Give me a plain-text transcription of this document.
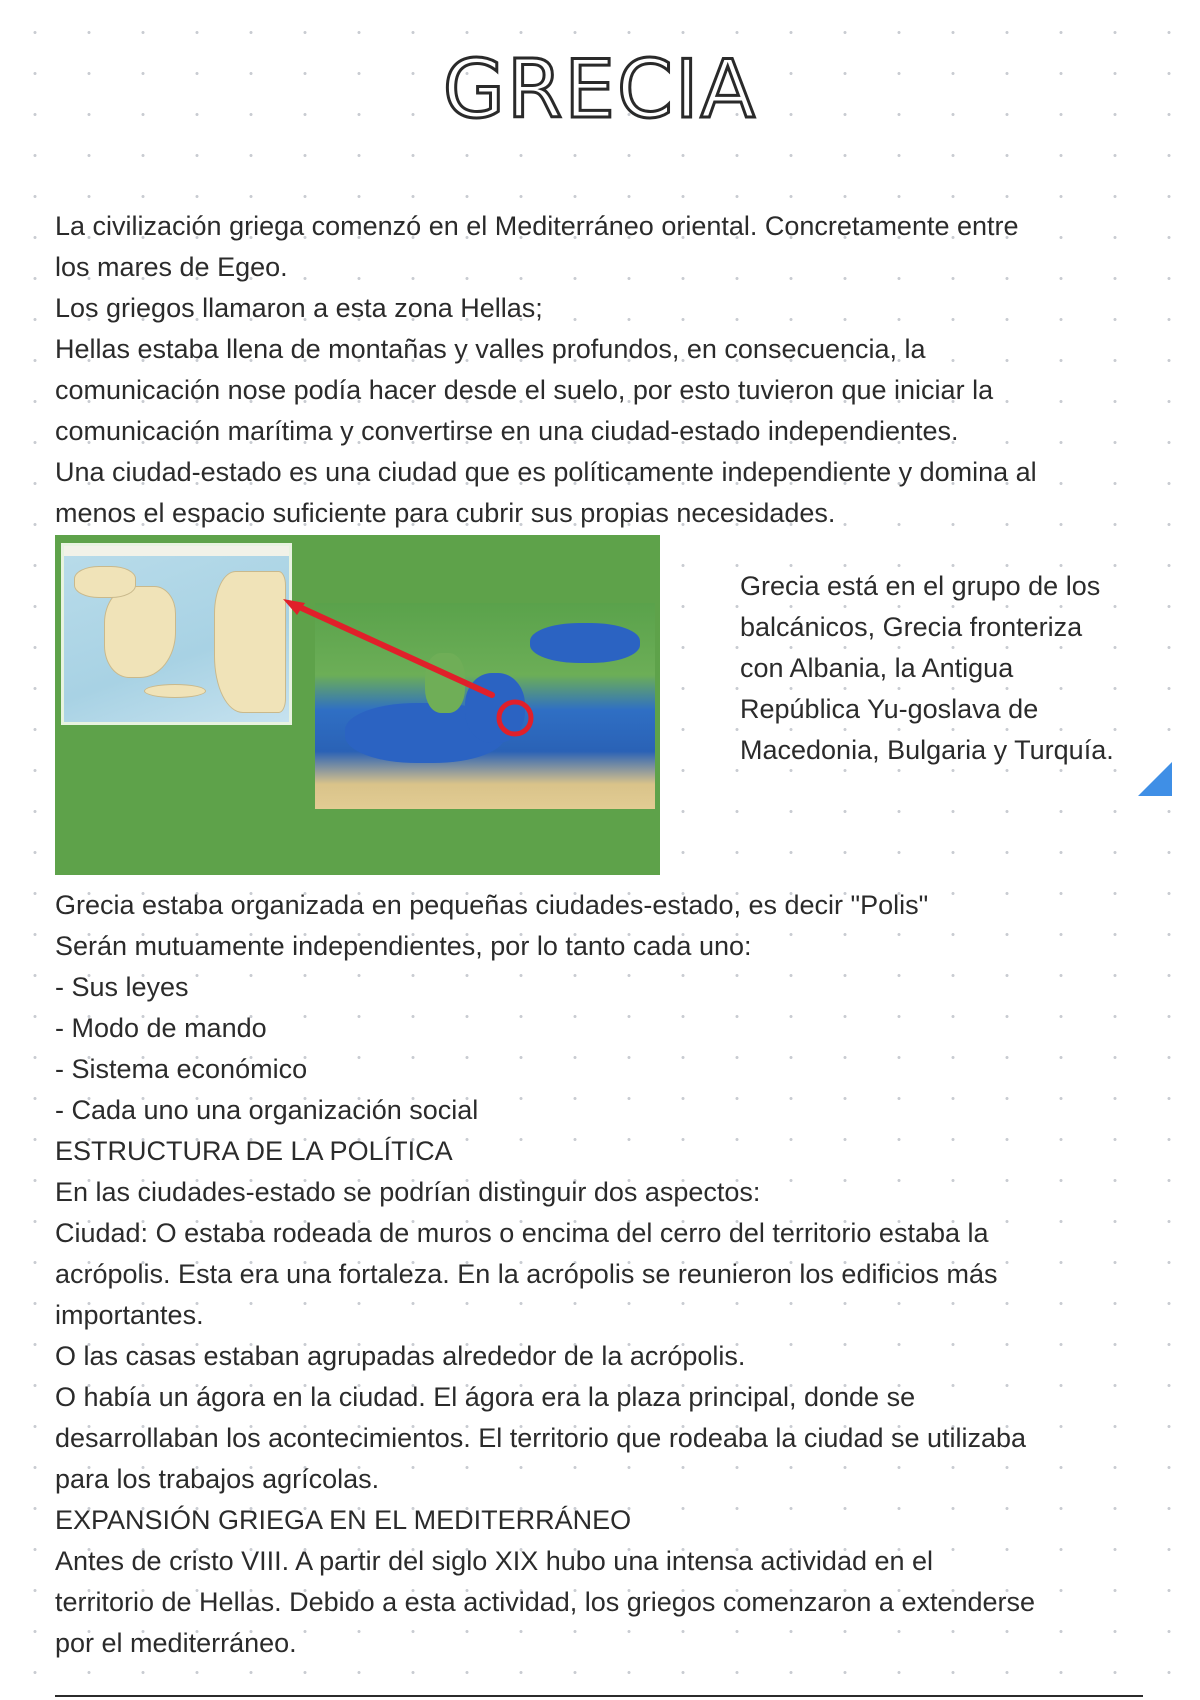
GRECIA

La civilización griega comenzó en el Mediterráneo oriental. Concretamente entre

los mares de Egeo.

Los griegos llamaron a esta zona Hellas;

Hellas estaba llena de montañas y valles profundos, en consecuencia, la

comunicación nose podía hacer desde el suelo, por esto tuvieron que iniciar la

comunicación marítima y convertirse en una ciudad-estado independientes.

Una ciudad-estado es una ciudad que es políticamente independiente y domina al

menos el espacio suficiente para cubrir sus propias necesidades.

Grecia está en el grupo de los

balcánicos, Grecia fronteriza

con Albania, la Antigua

República Yu-goslava de

Macedonia, Bulgaria y Turquía.

Grecia estaba organizada en pequeñas ciudades-estado, es decir "Polis"

Serán mutuamente independientes, por lo tanto cada uno:

- Sus leyes

- Modo de mando

- Sistema económico

- Cada uno una organización social

ESTRUCTURA DE LA POLÍTICA

En las ciudades-estado se podrían distinguir dos aspectos:

Ciudad: O estaba rodeada de muros o encima del cerro del territorio estaba la

acrópolis. Esta era una fortaleza. En la acrópolis se reunieron los edificios más

importantes.

O las casas estaban agrupadas alrededor de la acrópolis.

O había un ágora en la ciudad. El ágora era la plaza principal, donde se

desarrollaban los acontecimientos. El territorio que rodeaba la ciudad se utilizaba

para los trabajos agrícolas.

EXPANSIÓN GRIEGA EN EL MEDITERRÁNEO

Antes de cristo VIII. A partir del siglo XIX hubo una intensa actividad en el

territorio de Hellas. Debido a esta actividad, los griegos comenzaron a extenderse

por el mediterráneo.
